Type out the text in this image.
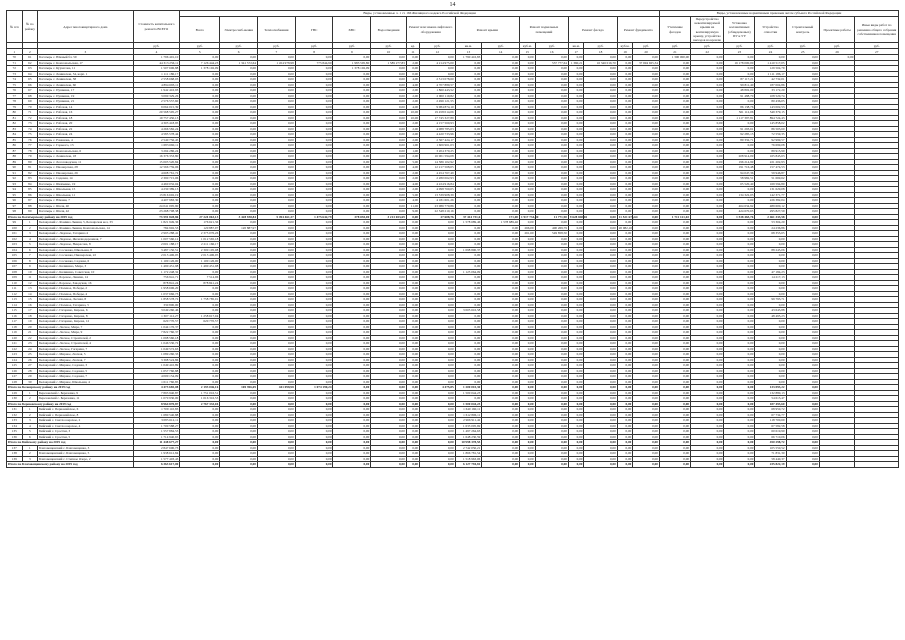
14
№ п/п	№ по району	Адрес многоквартирного дома	Стоимость капитального ремонта ВСЕГО	Виды, установленные ч. 1 ст. 166 Жилищного кодекса Российской Федерации																Виды, установленные нормативным правовым актом субъекта Российской Федерации						
				Всего	Электроснаб-жения	Теплоснабжения	ГВС	ХВС	Водоотведения	Ремонт или замена лифтового оборудования		Ремонт крыши		Ремонт подвальных помещений		Ремонт фасада		Ремонт фундамента		Утепление фасадов	Переустройство невентилируемой крыши на вентилируемую крышу, устройство выходов на кровлю	Установка коллективных (общедомовых) ПУ и УУ	Устройство отмостки	Строительный контроль	Проектные работы	Иные виды работ по решению общего собрания собственников помещения
			руб.	руб.	руб.	руб.	руб.	руб.	руб.	ед.	руб.	кв.м.	руб.	куб.м.	руб.	кв.м.	руб.	куб.м.	руб.	руб.	руб.	руб.	руб.	руб.	руб.	руб.
1	2	3	4	5	6	7	8	9	10	11	12	13	14	15	16	17	18	19	20	21	22	23	24	25	26	27
70	61	Богатырь с. Южный бл. 59	1 796 401,10	0,00	0,00	0,00	0,00	0,00	0,00	0,00	0,00	1 790 416,83	0,00	0,00	0,00	0,00	0,00	0,00	0,00	1 300 000,00	0,00	0,00	0,00	0,00	0,00	
71	62	Богатырь с. Комсомольская, 17	44 313 256,11	7 126 444,23	1 341 572,64	1 454 978,98	775 844,90	1 983 595,80	1 589 277,83	2,00	4 214 975,00	0,00	0,00	0,00	537 777,64	1 360,21	16 346 016,70	0,00	37 694 925,34	0,00	0,00	16 178 000,00	1 410 517,05	0,00		
72	63	Богатырь с. Курчатова, 11	1 507 606,88	1 378 102,09	0,00	0,00	0,00	1 378 102,09	0,00	0,00	0,00	0,00	0,00	0,00	0,00	0,00	0,00	0,00	0,00	0,00	0,00	0,00	129 504,79	0,00		
73	64	Богатырь с. Ленинская, 54, корп. 1	1 111 186,17	0,00	0,00	0,00	0,00	0,00	0,00	0,00	0,00	0,00	0,00	0,00	0,00	0,00	0,00	0,00	0,00	0,00	0,00	0,00	1 111 186,17	0,00		
74	65	Богатырь с. Ленинская, 58	2 558 668,03	0,00	0,00	0,00	0,00	0,00	0,00	4,00	2 513 078,60	0,00	0,00	0,00	0,00	0,00	0,00	0,00	0,00	0,00	0,00	87 117,21	42 732,01	0,00		
75	66	Богатырь с. Ленинская, 60	4 894 693,11	0,00	0,00	0,00	0,00	0,00	0,00	4,00	4 707 889,57	0,00	0,00	0,00	0,00	0,00	0,00	0,00	0,00	0,00	0,00	99 811,40	187 004,86	0,00		
76	67	Богатырь с. Пушкина, 17	1 942 416,93	0,00	0,00	0,00	0,00	0,00	0,00	2,00	1 860 443,52	0,00	0,00	0,00	0,00	0,00	0,00	0,00	0,00	0,00	0,00	48 802,00	33 172,20	0,00		
77	68	Богатырь с. Пушкина, 19	3 090 329,26	0,00	0,00	0,00	0,00	0,00	0,00	2,00	2 900 119,82	0,00	0,00	0,00	0,00	0,00	0,00	0,00	0,00	0,00	0,00	91 488,70	108 520,74	0,00		
78	69	Богатырь с. Пушкина, 21	2 576 557,60	0,00	0,00	0,00	0,00	0,00	0,00	2,00	2 496 121,55	0,00	0,00	0,00	0,00	0,00	0,00	0,00	0,00	0,00	0,00	0,00	80 436,05	0,00		
79	70	Богатырь с. Рабочая, 14	9 064 015,39	0,00	0,00	0,00	0,00	0,00	0,00	4,00	9 084 874,10	0,00	0,00	0,00	0,00	0,00	0,00	0,00	0,00	0,00	0,00	86 138,76	143 002,53	0,00		
80	71	Богатырь с. Рабочая, 16	20 568 505,27	0,00	0,00	0,00	0,00	0,00	0,00	10,00	19 458 014,06	0,00	0,00	0,00	0,00	0,00	0,00	0,00	0,00	0,00	0,00	561 112,06	549 379,15	0,00		
81	72	Богатырь с. Рабочая, 18	19 757 450,13	0,00	0,00	0,00	0,00	0,00	0,00	10,00	17 745 327,89	0,00	0,00	0,00	0,00	0,00	0,00	0,00	0,00	0,00	0,00	1 117 397,81	894 724,43	0,00		
82	73	Богатырь с. Рабочая, 20	4 303 418,95	0,00	0,00	0,00	0,00	0,00	0,00	2,00	4 157 560,93	0,00	0,00	0,00	0,00	0,00	0,00	0,00	0,00	0,00	0,00	0,00	145 858,02	0,00		
83	74	Богатырь с. Рабочая, 22	4 266 582,24	0,00	0,00	0,00	0,00	0,00	0,00	2,00	4 088 785,03	0,00	0,00	0,00	0,00	0,00	0,00	0,00	0,00	0,00	0,00	91 293,61	86 503,60	0,00		
84	75	Богатырь с. Рабочая, 24	4 585 578,44	0,00	0,00	0,00	0,00	0,00	0,00	2,00	4 420 733,96	0,00	0,00	0,00	0,00	0,00	0,00	0,00	0,00	0,00	0,00	92 285,13	72 559,35	0,00		
85	76	Богатырь с. Романова, 4	2 540 756,45	0,00	0,00	0,00	0,00	0,00	0,00	2,00	2 367 424,17	0,00	0,00	0,00	0,00	0,00	0,00	0,00	0,00	0,00	0,00	80 332,71	92 999,57	0,00		
86	77	Богатырь с. Горького, 13	1 683 660,11	0,00	0,00	0,00	0,00	0,00	0,00	1,00	1 606 961,03	0,00	0,00	0,00	0,00	0,00	0,00	0,00	0,00	0,00	0,00	0,00	76 699,08	0,00		
87	78	Богатырь с. Комсомольская, 6	3 294 286,24	0,00	0,00	0,00	0,00	0,00	0,00	1,00	3 204 370,25	0,00	0,00	0,00	0,00	0,00	0,00	0,00	0,00	0,00	0,00	0,00	89 915,99	0,00		
88	79	Богатырь с. Ленинская, 18	16 376 353,80	0,00	0,00	0,00	0,00	0,00	0,00	2,00	16 001 594,08	0,00	0,00	0,00	0,00	0,00	0,00	0,00	0,00	0,00	0,00	208 914,09	165 845,63	0,00		
89	80	Богатырь с. Лесозаводская, 11	15 003 520,84	0,00	0,00	0,00	0,00	0,00	0,00	5,00	14 586 102,92	0,00	0,00	0,00	0,00	0,00	0,00	0,00	0,00	0,00	0,00	196 214,99	221 202,93	0,00		
90	81	Богатырь с. Пионерская, 28	12 566 759,06	0,00	0,00	0,00	0,00	0,00	0,00	4,00	12 217 568,05	0,00	0,00	0,00	0,00	0,00	0,00	0,00	0,00	0,00	0,00	191 716,48	157 474,53	0,00		
91	82	Богатырь с. Пионерская, 26	4 608 761,72	0,00	0,00	0,00	0,00	0,00	0,00	2,00	4 454 767,49	0,00	0,00	0,00	0,00	0,00	0,00	0,00	0,00	0,00	0,00	94 047,36	59 946,87	0,00		
92	83	Богатырь с. Садовая, 14	2 390 715,06	0,00	0,00	0,00	0,00	0,00	0,00	2,00	2 280 062,93	0,00	0,00	0,00	0,00	0,00	0,00	0,00	0,00	0,00	0,00	58 982,51	51 669,62	0,00		
93	84	Богатырь с. Шевченко, 19	4 460 032,04	0,00	0,00	0,00	0,00	0,00	0,00	4,00	4 224 916,84	0,00	0,00	0,00	0,00	0,00	0,00	0,00	0,00	0,00	0,00	65 520,40	169 594,80	0,00		
94	85	Богатырь с. Школьная, 15	4 230 389,13	0,00	0,00	0,00	0,00	0,00	0,00	2,00	4 098 760,05	0,00	0,00	0,00	0,00	0,00	0,00	0,00	0,00	0,00	0,00	0,00	131 629,08	0,00		
95	86	Богатырь с. Школьная, 11	13 816 602,19	0,00	0,00	0,00	0,00	0,00	0,00	5,00	13 539 908,39	0,00	0,00	0,00	0,00	0,00	0,00	0,00	0,00	0,00	0,00	134 322,03	142 371,77	0,00		
96	87	Богатырь с. Южная, 7	4 407 983,30	0,00	0,00	0,00	0,00	0,00	0,00	4,00	4 181 601,26	0,00	0,00	0,00	0,00	0,00	0,00	0,00	0,00	0,00	0,00	0,00	226 382,04	0,00		
97	88	Богатырь с. Шаля, 40	24 041 005,90	0,00	0,00	0,00	0,00	0,00	0,00	11,00	23 086 770,86	0,00	0,00	0,00	0,00	0,00	0,00	0,00	0,00	0,00	0,00	464 634,92	489 600,12	0,00		
98	89	Богатырь с. Шаля, 42	23 268 708,38	0,00	0,00	0,00	0,00	0,00	0,00	9,00	22 548 210,16	0,00	0,00	0,00	0,00	0,00	0,00	0,00	0,00	0,00	0,00	424 670,63	295 827,59	0,00		
Итого по Богатырскому району на 2019 год			73 591 828,86	27 224 063,13	3 428 938,84	5 494 461,37	1 475 642,79	378 030,00	3 213 653,69	0,00	27 608,76	37 414 731,6	171,00	1 917 734,00	11 771,90	9 628 840,02	0,00	11 521 678,64	0,00	1 711 121,02	0,00	1 538 465,76	2 461 333,58	0,00		
99	1	Белоярский с. Фомина Лыжня, 5, Белоярская кол, 33	1 821 949,36	176 621,36	0,00	0,00	0,00	0,00	0,00	0,00	0,00	1 578 689,46	1 578 689,46	0,00	0,00	0,00	0,00	0,00	0,00	0,00	0,00	0,00	53 304,20	0,00		
100	2	Белоярский с. Фомина Лыжня, Комсомольская, 14	784 902,53	120 887,97	120 887,97	0,00	0,00	0,00	0,00	0,00	0,00	0,00	0,00	266,09	400 269,79	0,00	0,00	20 982,10	0,00	0,00	0,00	0,00	24 236,86	0,00		
101	3	Белоярский с. Ледовое, Гагарина 4	2 993 288,41	2 375 076,26	0,00	0,00	0,00	0,00	0,00	0,00	0,00	0,00	0,00	261,60	549 858,50	0,00	0,00	0,00	0,00	0,00	0,00	0,00	68 353,65	0,00		
102	4	Белоярский с. Ледовое, Железнодорожная, 7	1 007 560,12	1 012 565,18	0,00	0,00	0,00	0,00	0,00	0,00	0,00	0,00	0,00	0,00	0,00	0,00	0,00	0,00	0,00	0,00	0,00	0,00	0,00	0,00		
103	5	Белоярский с. Ледовое, Некрасова, 8	2 001 188,17	2 211 166,17	0,00	0,00	0,00	0,00	0,00	0,00	0,00	0,00	0,00	0,00	0,00	0,00	0,00	0,00	0,00	0,00	0,00	0,00	0,00	0,00		
104	6	Белоярский с. Сосновка, Школьная, 8	3 487 150,51	2 300 105,08	0,00	0,00	0,00	0,00	0,00	0,00	0,00	1 098 800,37	0,00	0,00	0,00	0,00	0,00	0,00	0,00	0,00	0,00	0,00	88 245,06	0,00		
105	7	Белоярский с. Сосновка, Пионерская, 22	2 013 406,05	2 013 406,05	0,00	0,00	0,00	0,00	0,00	0,00	0,00	0,00	0,00	0,00	0,00	0,00	0,00	0,00	0,00	0,00	0,00	0,00	0,00	0,00		
106	8	Белоярский с. Сосновка, Садовая, 6	1 100 126,00	1 100 126,00	0,00	0,00	0,00	0,00	0,00	0,00	0,00	0,00	0,00	0,00	0,00	0,00	0,00	0,00	0,00	0,00	0,00	0,00	0,00	0,00		
107	9	Белоярский с. Калинино, Мира, 3	1 490 451,98	1 490 451,98	0,00	0,00	0,00	0,00	0,00	0,00	0,00	0,00	0,00	0,00	0,00	0,00	0,00	0,00	0,00	0,00	0,00	0,00	0,00	0,00		
108	10	Белоярский с. Калинино, Советская, 10	1 172 248,32	0,00	0,00	0,00	0,00	0,00	0,00	0,00	0,00	1 125 064,09	0,00	0,00	0,00	0,00	0,00	0,00	0,00	0,00	0,00	0,00	47 184,23	0,00		
109	11	Белоярский с. Боровое, Ленина, 14	756 941,71	7 514,96	0,00	0,00	0,00	0,00	0,00	0,00	0,00	0,00	0,00	0,00	0,00	0,00	0,00	0,00	0,00	0,00	0,00	0,00	14 217,13	0,00		
110	12	Белоярский с. Боровое, Заводская, 16	878 841,24	878 841,24	0,00	0,00	0,00	0,00	0,00	0,00	0,00	0,00	0,00	0,00	0,00	0,00	0,00	0,00	0,00	0,00	0,00	0,00	0,00	0,00		
111	13	Белоярский с. Полевое, Победы, 2	1 958 606,20	0,00	0,00	0,00	0,00	0,00	0,00	0,00	0,00	0,00	0,00	0,00	0,00	0,00	0,00	0,00	0,00	0,00	0,00	0,00	0,00	0,00		
112	14	Белоярский с. Полевое, Победы, 4	1 037 666,73	0,00	0,00	0,00	0,00	0,00	0,00	0,00	0,00	0,00	0,00	0,00	0,00	0,00	0,00	0,00	0,00	0,00	0,00	0,00	0,00	0,00		
113	15	Белоярский с. Полевое, Лесная, 8	1 858 578,72	1 758 785,01	0,00	0,00	0,00	0,00	0,00	0,00	0,00	0,00	0,00	0,00	0,00	0,00	0,00	0,00	0,00	0,00	0,00	0,00	99 793,71	0,00		
114	16	Белоярский с. Полевое, Гагарина, 5	330 800,00	0,00	0,00	0,00	0,00	0,00	0,00	0,00	0,00	0,00	0,00	0,00	0,00	0,00	0,00	0,00	0,00	0,00	0,00	0,00	0,00	0,00		
115	17	Белоярский с. Гагарино, Кирова, 6	3 049 260,46	0,00	0,00	0,00	0,00	0,00	0,00	0,00	0,00	3 005 616,58	0,00	0,00	0,00	0,00	0,00	0,00	0,00	0,00	0,00	0,00	43 643,88	0,00		
116	18	Белоярский с. Гагарино, Кирова, 8	1 307 112,27	1 258 617,04	0,00	0,00	0,00	0,00	0,00	0,00	0,00	0,00	0,00	0,00	0,00	0,00	0,00	0,00	0,00	0,00	0,00	0,00	48 495,23	0,00		
117	19	Белоярский с. Гагарино, Кирова, 12	620 770,57	620 770,57	0,00	0,00	0,00	0,00	0,00	0,00	0,00	0,00	0,00	0,00	0,00	0,00	0,00	0,00	0,00	0,00	0,00	0,00	0,00	0,00		
118	20	Белоярский с. Лесное, Мира, 7	1 044 176,37	0,00	0,00	0,00	0,00	0,00	0,00	0,00	0,00	0,00	0,00	0,00	0,00	0,00	0,00	0,00	0,00	0,00	0,00	0,00	0,00	0,00		
119	21	Белоярский с. Лесное, Мира, 9	7 822 760,37	0,00	0,00	0,00	0,00	0,00	0,00	0,00	0,00	0,00	0,00	0,00	0,00	0,00	0,00	0,00	0,00	0,00	0,00	0,00	0,00	0,00		
120	22	Белоярский с. Лесное, Строителей, 2	1 098 560,18	0,00	0,00	0,00	0,00	0,00	0,00	0,00	0,00	0,00	0,00	0,00	0,00	0,00	0,00	0,00	0,00	0,00	0,00	0,00	0,00	0,00		
121	23	Белоярский с. Лесное, Строителей, 4	1 046 530,72	0,00	0,00	0,00	0,00	0,00	0,00	0,00	0,00	0,00	0,00	0,00	0,00	0,00	0,00	0,00	0,00	0,00	0,00	0,00	0,00	0,00		
122	24	Белоярский с. Лесное, Гагарина, 7	1 049 572,63	0,00	0,00	0,00	0,00	0,00	0,00	0,00	0,00	0,00	0,00	0,00	0,00	0,00	0,00	0,00	0,00	0,00	0,00	0,00	0,00	0,00		
123	25	Белоярский с. Мирное, Лесная, 5	1 089 260,33	0,00	0,00	0,00	0,00	0,00	0,00	0,00	0,00	0,00	0,00	0,00	0,00	0,00	0,00	0,00	0,00	0,00	0,00	0,00	0,00	0,00		
124	26	Белоярский с. Мирное, Лесная, 7	3 398 524,86	0,00	0,00	0,00	0,00	0,00	0,00	0,00	0,00	0,00	0,00	0,00	0,00	0,00	0,00	0,00	0,00	0,00	0,00	0,00	0,00	0,00		
125	27	Белоярский с. Мирное, Садовая, 3	1 049 410,89	0,00	0,00	0,00	0,00	0,00	0,00	0,00	0,00	0,00	0,00	0,00	0,00	0,00	0,00	0,00	0,00	0,00	0,00	0,00	0,00	0,00		
126	28	Белоярский с. Мирное, Садовая, 5	1 057 760,88	0,00	0,00	0,00	0,00	0,00	0,00	0,00	0,00	0,00	0,00	0,00	0,00	0,00	0,00	0,00	0,00	0,00	0,00	0,00	0,00	0,00		
127	29	Белоярский с. Мирное, Садовая, 7	4 000 154,09	0,00	0,00	0,00	0,00	0,00	0,00	0,00	0,00	0,00	0,00	0,00	0,00	0,00	0,00	0,00	0,00	0,00	0,00	0,00	0,00	0,00		
128	30	Белоярский с. Мирное, Школьная, 4	1 011 760,85	0,00	0,00	0,00	0,00	0,00	0,00	0,00	0,00	0,00	0,00	0,00	0,00	0,00	0,00	0,00	0,00	0,00	0,00	0,00	0,00	0,00		
Итого по Белоярскому району на 2019 год			4 473 685,08	2 193 046,16	169 396,69	441 098,98	1 074 190,24	0,00	0,00	0,00	4 475,85	1 200 010,30	0,00	0,00	0,00	0,00	0,00	0,00	0,00	0,00	0,00	0,00	133 093,22	0,00		
129	1	Березовский с. Березовка, 9	7 893 940,87	1 751 016,51	0,00	0,00	0,00	0,00	0,00	0,00	0,00	1 500 044,23	0,00	0,00	0,00	0,00	0,00	0,00	0,00	0,00	0,00	0,00	132 880,13	0,00		
130	2	Березовский с. Березовка, 11	1 070 930,00	1 016 316,53	0,00	0,00	0,00	0,00	0,00	0,00	0,00	0,00	0,00	0,00	0,00	0,00	0,00	0,00	0,00	0,00	0,00	0,00	54 613,47	0,00		
Итого по Березовскому району на 2019 год			8 964 870,87	2 767 333,04	0,00	0,00	0,00	0,00	0,00	0,00	0,00	1 500 044,23	0,00	0,00	0,00	0,00	0,00	0,00	0,00	0,00	0,00	0,00	187 493,60	0,00		
131	1	Бийский с. Первомайское, 6	1 709 110,83	0,00	0,00	0,00	0,00	0,00	0,00	0,00	0,00	1 640 160,11	0,00	0,00	0,00	0,00	0,00	0,00	0,00	0,00	0,00	0,00	68 950,72	0,00		
132	2	Бийский с. Первомайское, 8	1 680 540,88	0,00	0,00	0,00	0,00	0,00	0,00	0,00	0,00	1 612 806,11	0,00	0,00	0,00	0,00	0,00	0,00	0,00	0,00	0,00	0,00	67 734,77	0,00		
133	3	Бийский с. Светлоозерское, 2	3 085 612,11	0,00	0,00	0,00	0,00	0,00	0,00	0,00	0,00	2 966 911,42	0,00	0,00	0,00	0,00	0,00	0,00	0,00	0,00	0,00	0,00	118 700,69	0,00		
134	4	Бийский с. Светлоозерское, 4	1 700 588,27	0,00	0,00	0,00	0,00	0,00	0,00	0,00	0,00	1 633 005,69	0,00	0,00	0,00	0,00	0,00	0,00	0,00	0,00	0,00	0,00	67 582,58	0,00		
135	5	Бийский с. Сростки, 3	1 557 884,53	0,00	0,00	0,00	0,00	0,00	0,00	0,00	0,00	1 497 264,63	0,00	0,00	0,00	0,00	0,00	0,00	0,00	0,00	0,00	0,00	60 619,90	0,00		
136	6	Бийский с. Сростки, 5	1 714 940,65	0,00	0,00	0,00	0,00	0,00	0,00	0,00	0,00	1 648 230,59	0,00	0,00	0,00	0,00	0,00	0,00	0,00	0,00	0,00	0,00	66 710,06	0,00		
Итого по Бийскому району на 2019 год			11 448 677,27	0,00	0,00	0,00	0,00	0,00	0,00	0,00	0,00	10 998 378,55	0,00	0,00	0,00	0,00	0,00	0,00	0,00	0,00	0,00	0,00	450 298,72	0,00		
137	1	Благовещенский с. Благовещенка, 3	2 847 600,73	0,00	0,00	0,00	0,00	0,00	0,00	0,00	0,00	2 742 050,21	0,00	0,00	0,00	0,00	0,00	0,00	0,00	0,00	0,00	0,00	105 550,52	0,00		
138	2	Благовещенский с. Благовещенка, 5	1 938 612,84	0,00	0,00	0,00	0,00	0,00	0,00	0,00	0,00	1 866 781,54	0,00	0,00	0,00	0,00	0,00	0,00	0,00	0,00	0,00	0,00	71 831,30	0,00		
139	3	Благовещенский с. Степное Озеро, 2	1 577 403,43	0,00	0,00	0,00	0,00	0,00	0,00	0,00	0,00	1 518 963,06	0,00	0,00	0,00	0,00	0,00	0,00	0,00	0,00	0,00	0,00	58 440,37	0,00		
Итого по Благовещенскому району на 2019 год			6 363 617,00	0,00	0,00	0,00	0,00	0,00	0,00	0,00	0,00	6 127 794,81	0,00	0,00	0,00	0,00	0,00	0,00	0,00	0,00	0,00	0,00	235 822,19	0,00		
